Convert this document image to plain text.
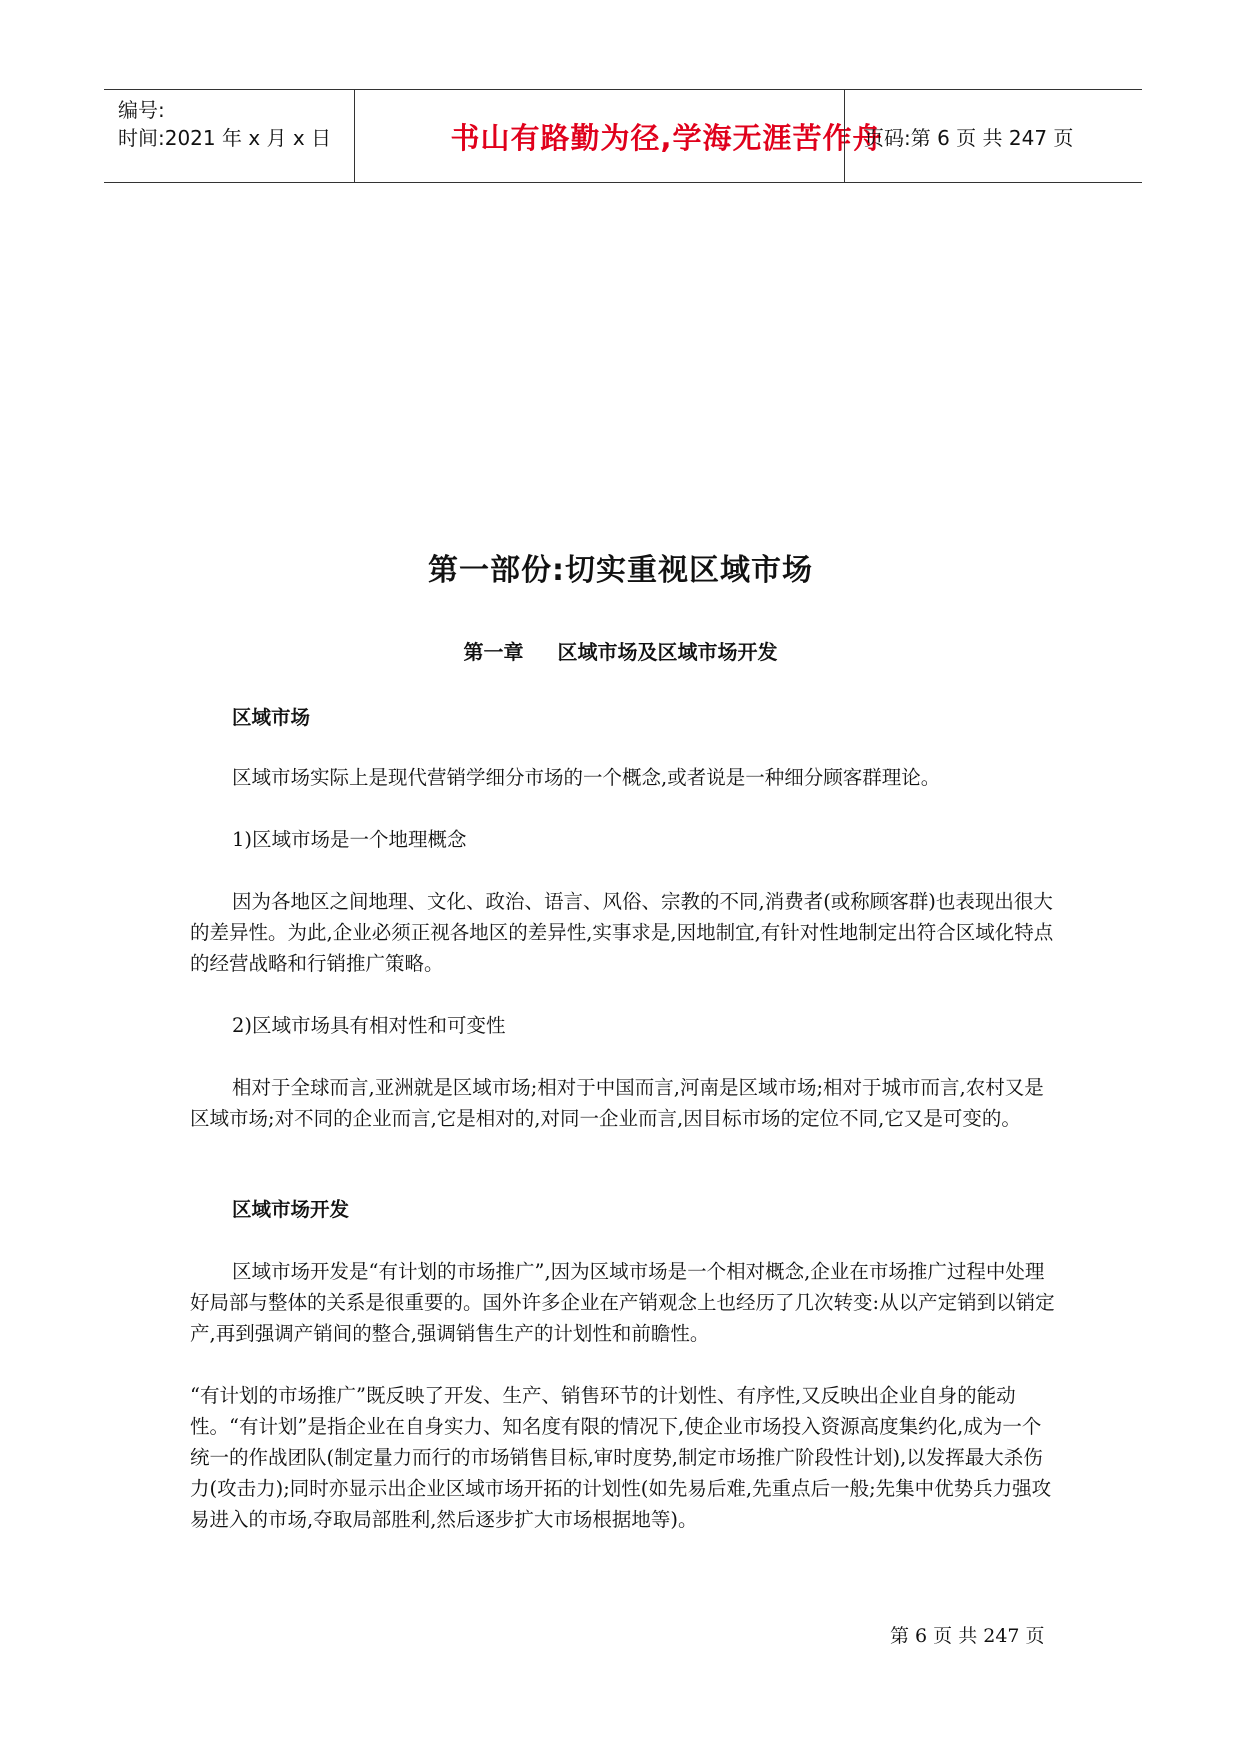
编号:
时间:2021 年 x 月 x 日	书山有路勤为径,学海无涯苦作舟
页码:第 6 页 共 247 页
第一部份:切实重视区域市场
第一章 区域市场及区域市场开发

区域市场

区域市场实际上是现代营销学细分市场的一个概念,或者说是一种细分顾客群理论。

1)区域市场是一个地理概念

因为各地区之间地理、文化、政治、语言、风俗、宗教的不同,消费者(或称顾客群)也表现出很大的差异性。为此,企业必须正视各地区的差异性,实事求是,因地制宜,有针对性地制定出符合区域化特点的经营战略和行销推广策略。

2)区域市场具有相对性和可变性

相对于全球而言,亚洲就是区域市场;相对于中国而言,河南是区域市场;相对于城市而言,农村又是区域市场;对不同的企业而言,它是相对的,对同一企业而言,因目标市场的定位不同,它又是可变的。

区域市场开发

区域市场开发是“有计划的市场推广”,因为区域市场是一个相对概念,企业在市场推广过程中处理好局部与整体的关系是很重要的。国外许多企业在产销观念上也经历了几次转变:从以产定销到以销定产,再到强调产销间的整合,强调销售生产的计划性和前瞻性。

“有计划的市场推广”既反映了开发、生产、销售环节的计划性、有序性,又反映出企业自身的能动性。“有计划”是指企业在自身实力、知名度有限的情况下,使企业市场投入资源高度集约化,成为一个统一的作战团队(制定量力而行的市场销售目标,审时度势,制定市场推广阶段性计划),以发挥最大杀伤力(攻击力);同时亦显示出企业区域市场开拓的计划性(如先易后难,先重点后一般;先集中优势兵力强攻易进入的市场,夺取局部胜利,然后逐步扩大市场根据地等)。

第 6 页 共 247 页
